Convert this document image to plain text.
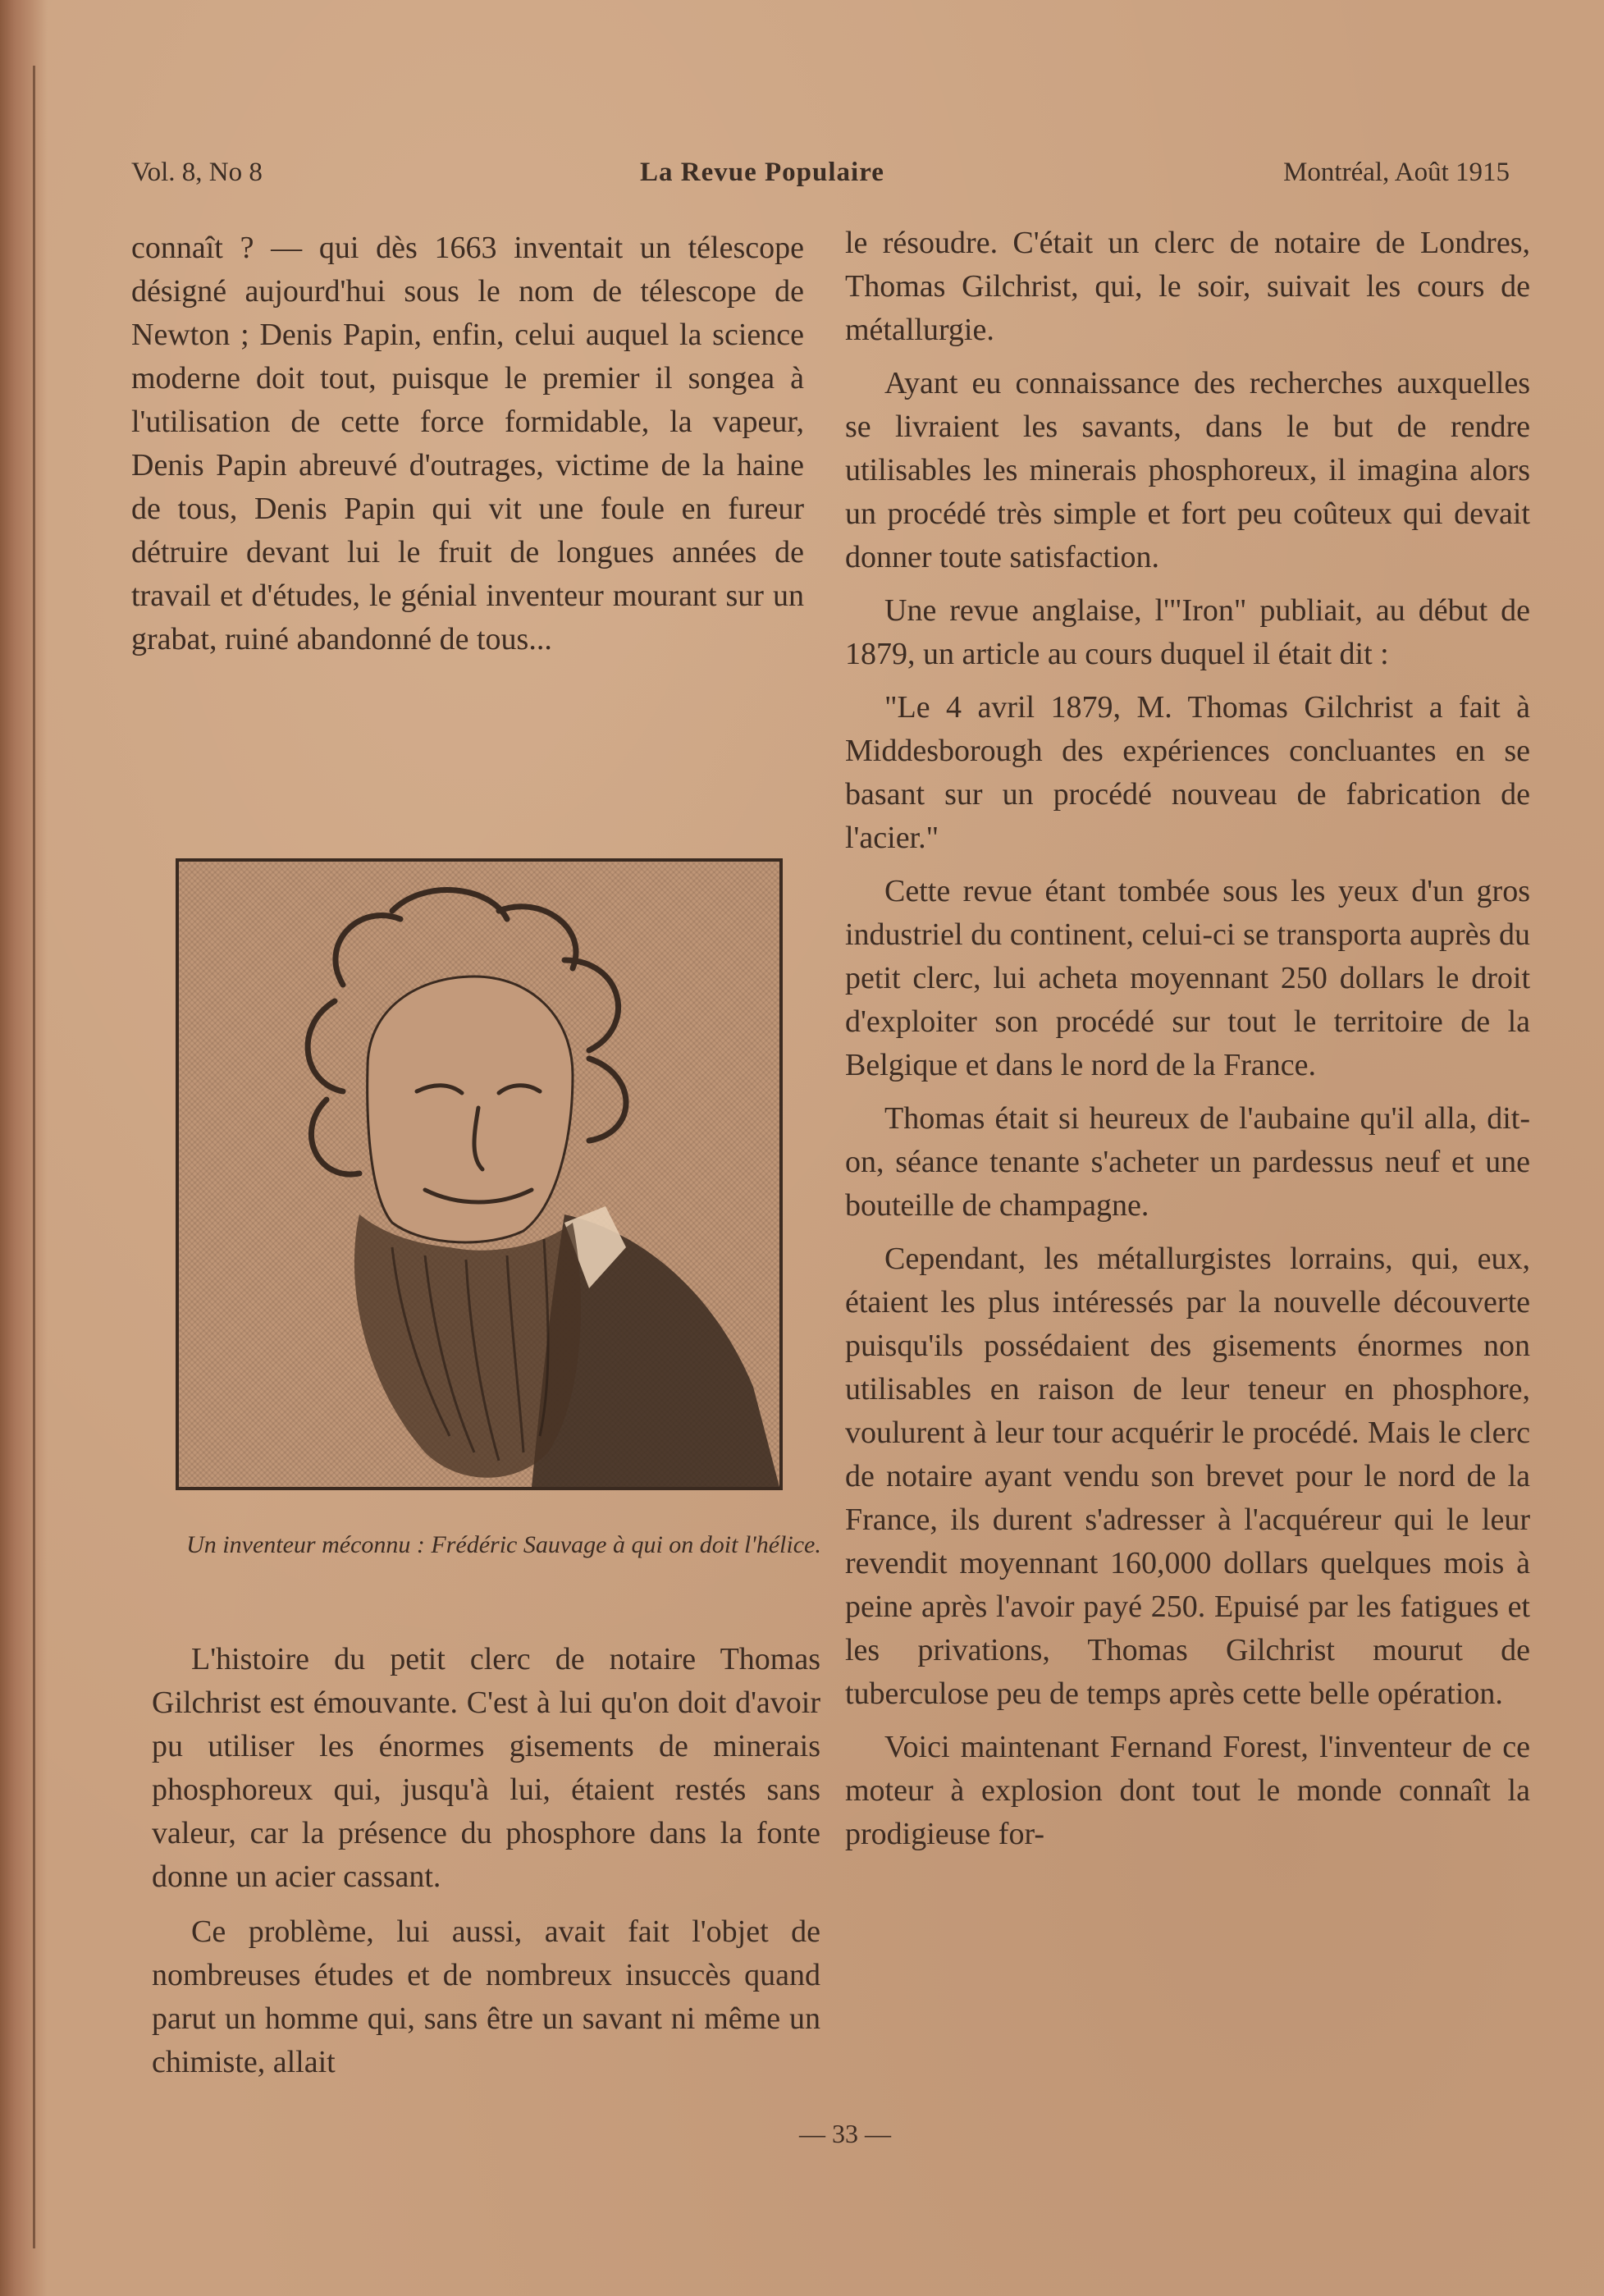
Vol. 8, No 8	La Revue Populaire	Montréal, Août 1915

connaît ? — qui dès 1663 inventait un télescope désigné aujourd'hui sous le nom de télescope de Newton ; Denis Papin, enfin, celui auquel la science moderne doit tout, puisque le premier il songea à l'utilisation de cette force formidable, la vapeur, Denis Papin abreuvé d'outrages, victime de la haine de tous, Denis Papin qui vit une foule en fureur détruire devant lui le fruit de longues années de travail et d'études, le génial inventeur mourant sur un grabat, ruiné abandonné de tous...

Un inventeur méconnu : Frédéric Sauvage à qui on doit l'hélice.

L'histoire du petit clerc de notaire Thomas Gilchrist est émouvante. C'est à lui qu'on doit d'avoir pu utiliser les énormes gisements de minerais phosphoreux qui, jusqu'à lui, étaient restés sans valeur, car la présence du phosphore dans la fonte donne un acier cassant.

Ce problème, lui aussi, avait fait l'objet de nombreuses études et de nombreux insuccès quand parut un homme qui, sans être un savant ni même un chimiste, allait

le résoudre. C'était un clerc de notaire de Londres, Thomas Gilchrist, qui, le soir, suivait les cours de métallurgie.

Ayant eu connaissance des recherches auxquelles se livraient les savants, dans le but de rendre utilisables les minerais phosphoreux, il imagina alors un procédé très simple et fort peu coûteux qui devait donner toute satisfaction.

Une revue anglaise, l'"Iron" publiait, au début de 1879, un article au cours duquel il était dit :

"Le 4 avril 1879, M. Thomas Gilchrist a fait à Middesborough des expériences concluantes en se basant sur un procédé nouveau de fabrication de l'acier."

Cette revue étant tombée sous les yeux d'un gros industriel du continent, celui-ci se transporta auprès du petit clerc, lui acheta moyennant 250 dollars le droit d'exploiter son procédé sur tout le territoire de la Belgique et dans le nord de la France.

Thomas était si heureux de l'aubaine qu'il alla, dit-on, séance tenante s'acheter un pardessus neuf et une bouteille de champagne.

Cependant, les métallurgistes lorrains, qui, eux, étaient les plus intéressés par la nouvelle découverte puisqu'ils possédaient des gisements énormes non utilisables en raison de leur teneur en phosphore, voulurent à leur tour acquérir le procédé. Mais le clerc de notaire ayant vendu son brevet pour le nord de la France, ils durent s'adresser à l'acquéreur qui le leur revendit moyennant 160,000 dollars quelques mois à peine après l'avoir payé 250. Epuisé par les fatigues et les privations, Thomas Gilchrist mourut de tuberculose peu de temps après cette belle opération.

Voici maintenant Fernand Forest, l'inventeur de ce moteur à explosion dont tout le monde connaît la prodigieuse for-

— 33 —
